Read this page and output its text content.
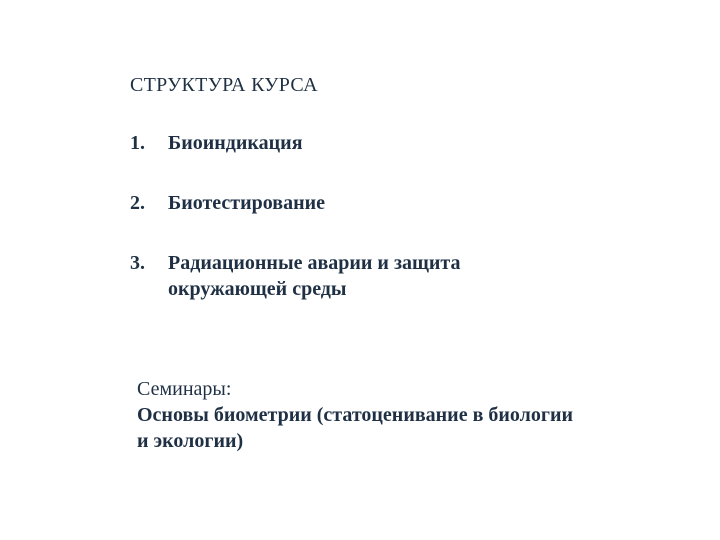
СТРУКТУРА КУРСА
1.	Биоиндикация
2.	Биотестирование
3.	Радиационные аварии и защита окружающей среды
Семинары:
Основы биометрии (статоценивание в биологии и экологии)
